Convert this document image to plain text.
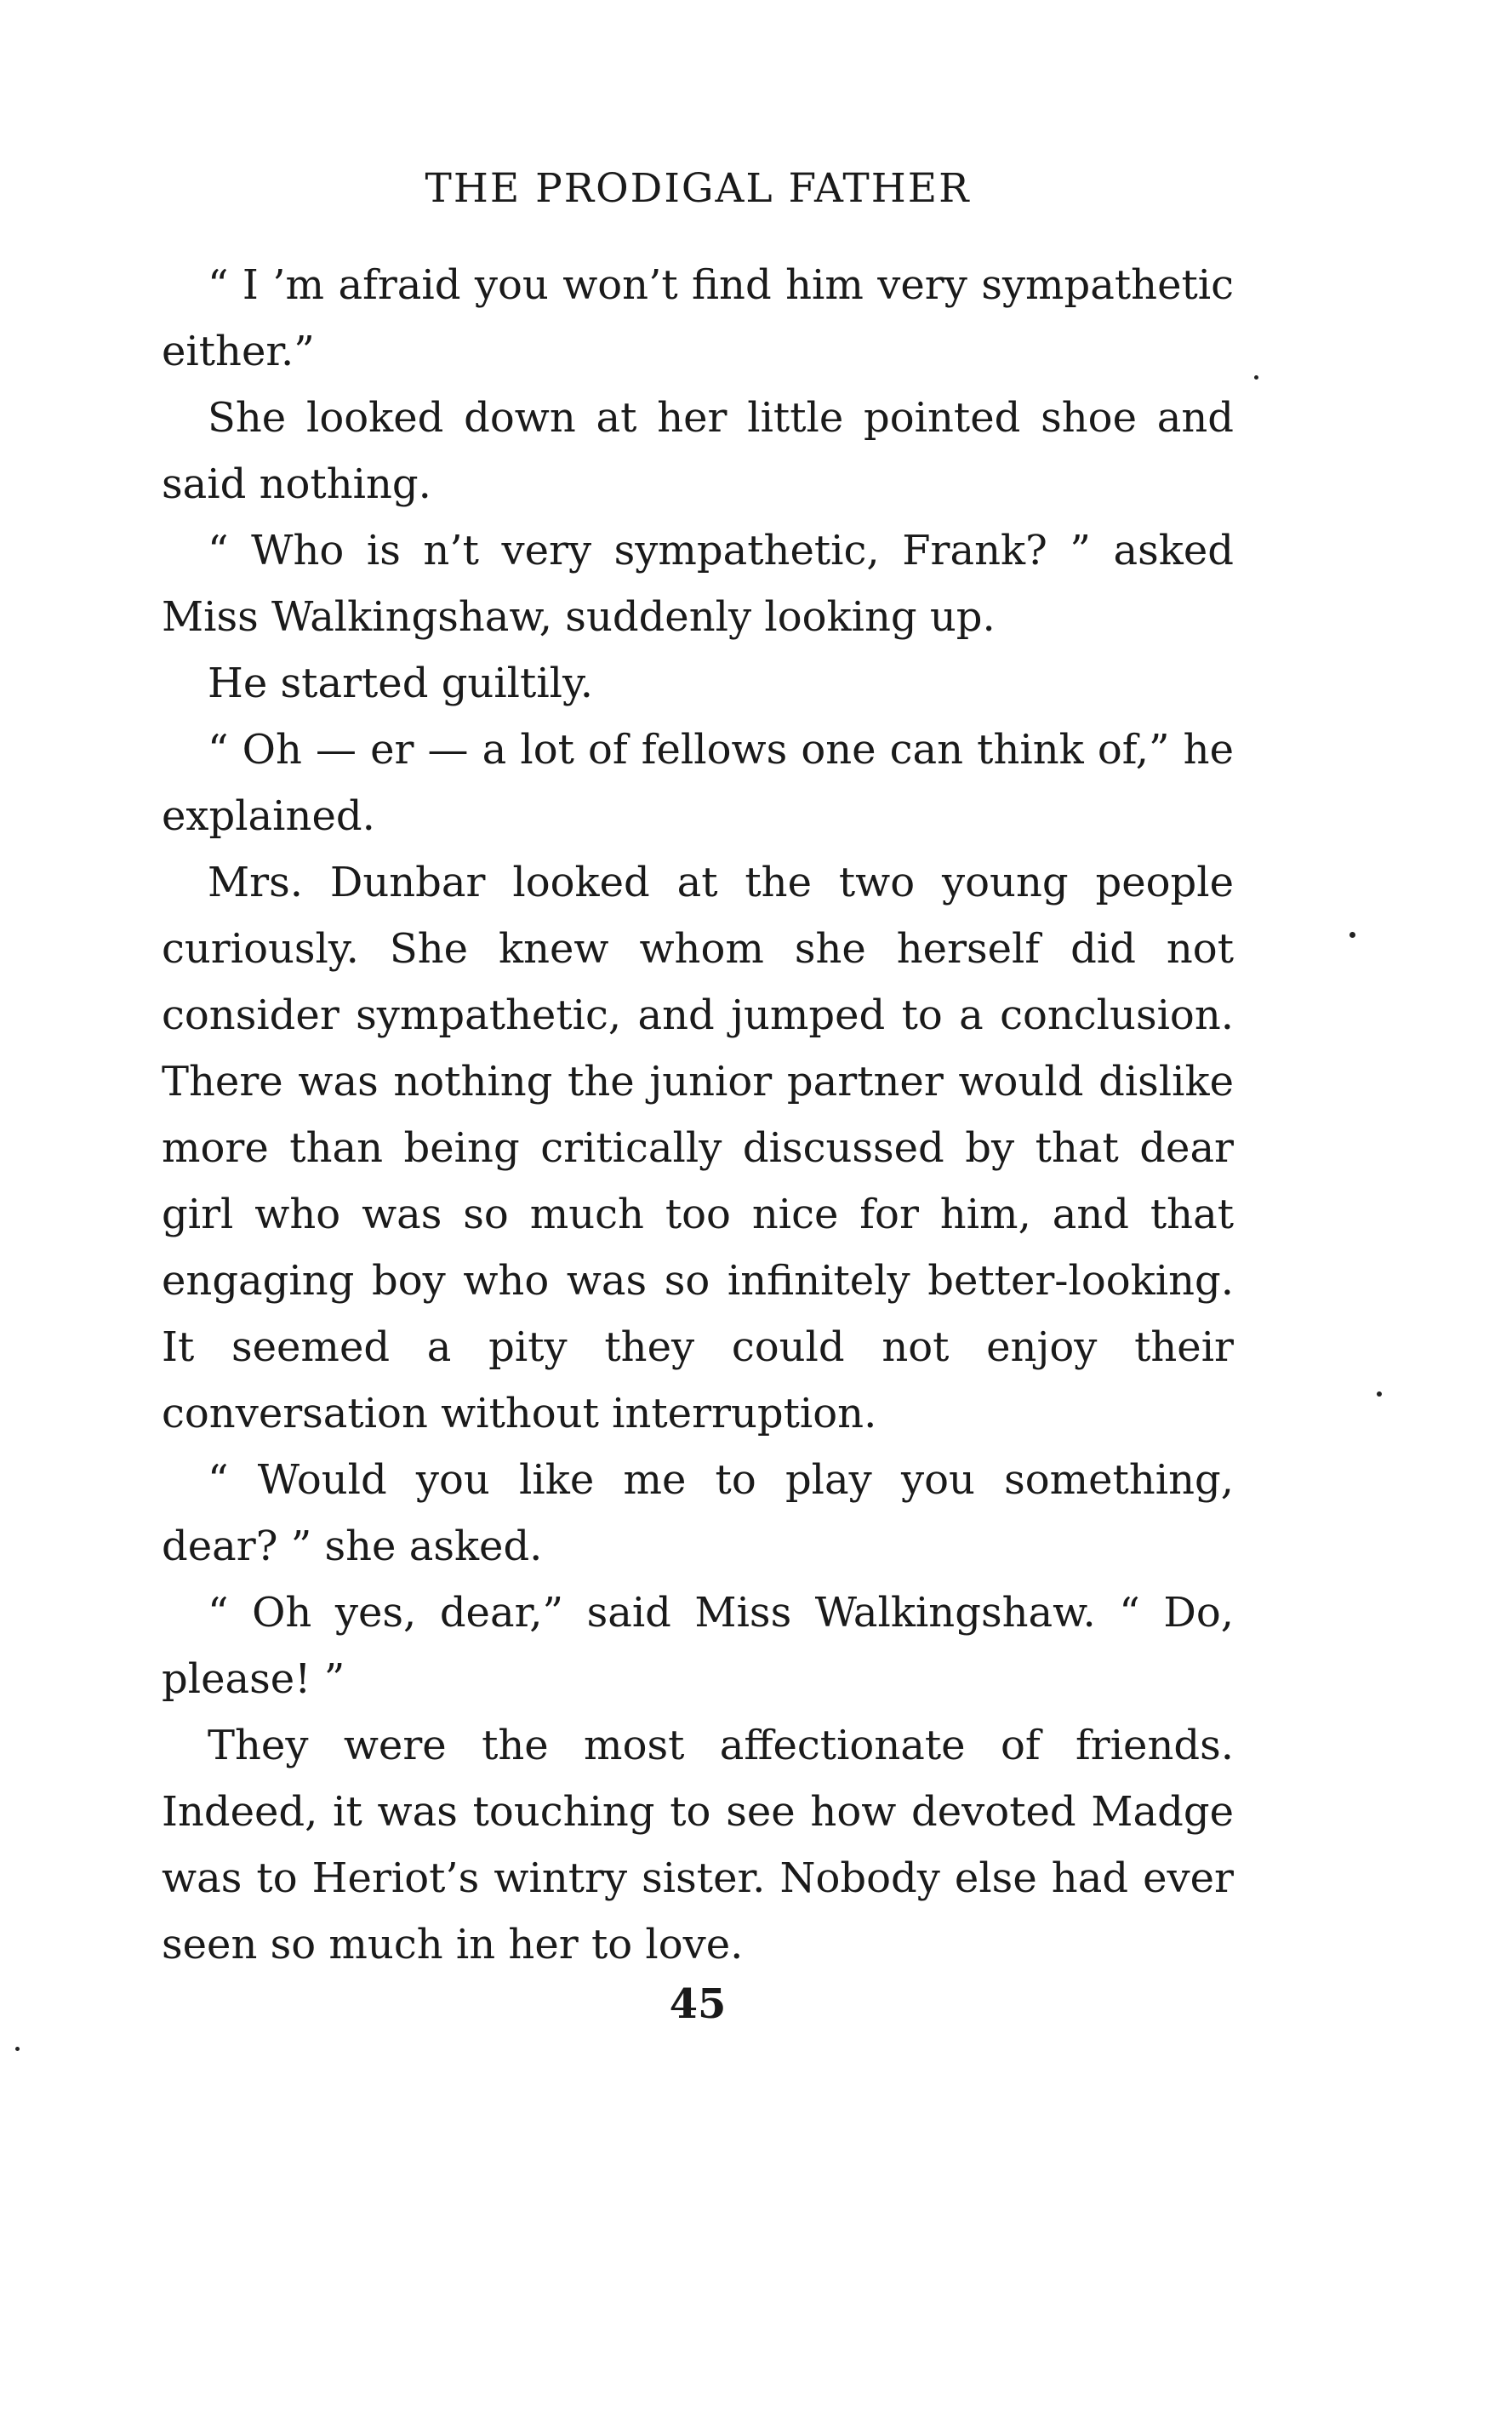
THE PRODIGAL FATHER

“ I ’m afraid you won’t find him very sympathetic either.”

She looked down at her little pointed shoe and said nothing.

“ Who is n’t very sympathetic, Frank? ” asked Miss Walkingshaw, suddenly looking up.

He started guiltily.

“ Oh — er — a lot of fellows one can think of,” he explained.

Mrs. Dunbar looked at the two young people curiously. She knew whom she herself did not consider sympathetic, and jumped to a conclusion. There was nothing the junior partner would dislike more than being critically discussed by that dear girl who was so much too nice for him, and that engaging boy who was so infinitely better-looking. It seemed a pity they could not enjoy their conversation without interruption.

“ Would you like me to play you something, dear? ” she asked.

“ Oh yes, dear,” said Miss Walkingshaw. “ Do, please! ”

They were the most affectionate of friends. Indeed, it was touching to see how devoted Madge was to Heriot’s wintry sister. Nobody else had ever seen so much in her to love.

45
